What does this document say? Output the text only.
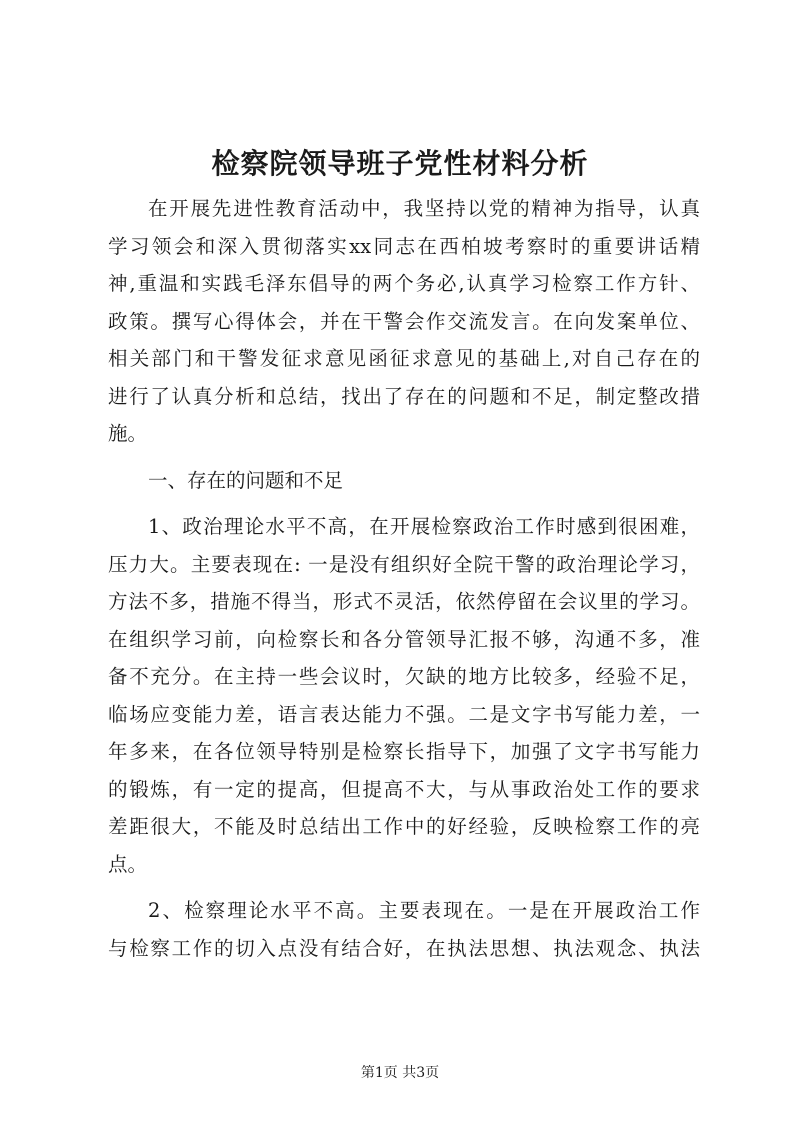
检察院领导班子党性材料分析
在开展先进性教育活动中，我坚持以党的精神为指导，认真
学习领会和深入贯彻落实xx同志在西柏坡考察时的重要讲话精
神,重温和实践毛泽东倡导的两个务必,认真学习检察工作方针、
政策。撰写心得体会，并在干警会作交流发言。在向发案单位、
相关部门和干警发征求意见函征求意见的基础上,对自己存在的
进行了认真分析和总结，找出了存在的问题和不足，制定整改措
施。
一、存在的问题和不足
1、政治理论水平不高，在开展检察政治工作时感到很困难，
压力大。主要表现在: 一是没有组织好全院干警的政治理论学习，
方法不多，措施不得当，形式不灵活，依然停留在会议里的学习。
在组织学习前，向检察长和各分管领导汇报不够，沟通不多，准
备不充分。在主持一些会议时，欠缺的地方比较多，经验不足，
临场应变能力差，语言表达能力不强。二是文字书写能力差，一
年多来，在各位领导特别是检察长指导下，加强了文字书写能力
的锻炼，有一定的提高，但提高不大，与从事政治处工作的要求
差距很大，不能及时总结出工作中的好经验，反映检察工作的亮
点。
2、检察理论水平不高。主要表现在。一是在开展政治工作
与检察工作的切入点没有结合好，在执法思想、执法观念、执法
第1页 共3页
